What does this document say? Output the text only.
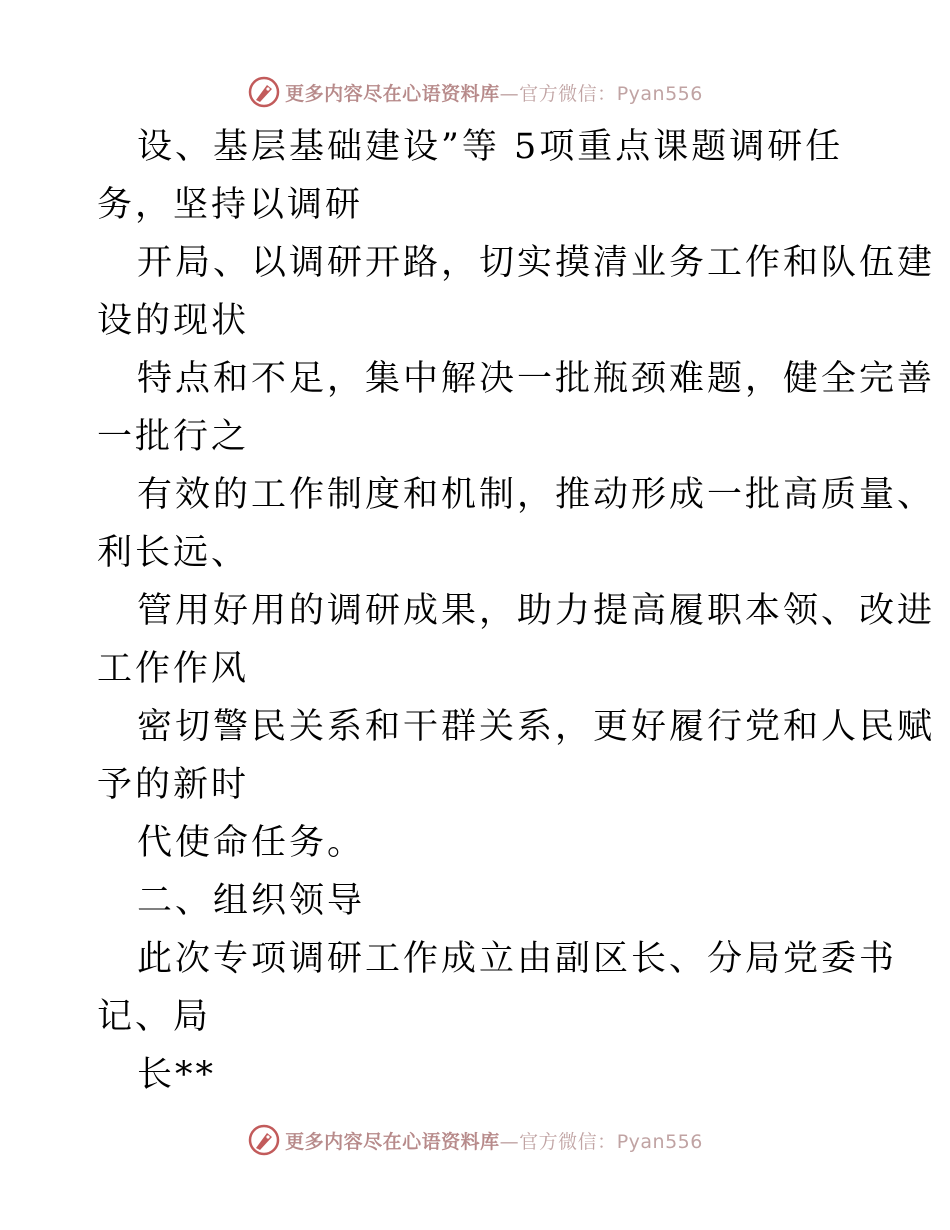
更多内容尽在心语资料库—官方微信：Pyan556
设、基层基础建设”等 5项重点课题调研任
务，坚持以调研
开局、以调研开路，切实摸清业务工作和队伍建
设的现状
特点和不足，集中解决一批瓶颈难题，健全完善
一批行之
有效的工作制度和机制，推动形成一批高质量、
利长远、
管用好用的调研成果，助力提高履职本领、改进
工作作风
密切警民关系和干群关系，更好履行党和人民赋
予的新时
代使命任务。
二、组织领导
此次专项调研工作成立由副区长、分局党委书
记、局
长**
更多内容尽在心语资料库—官方微信：Pyan556
